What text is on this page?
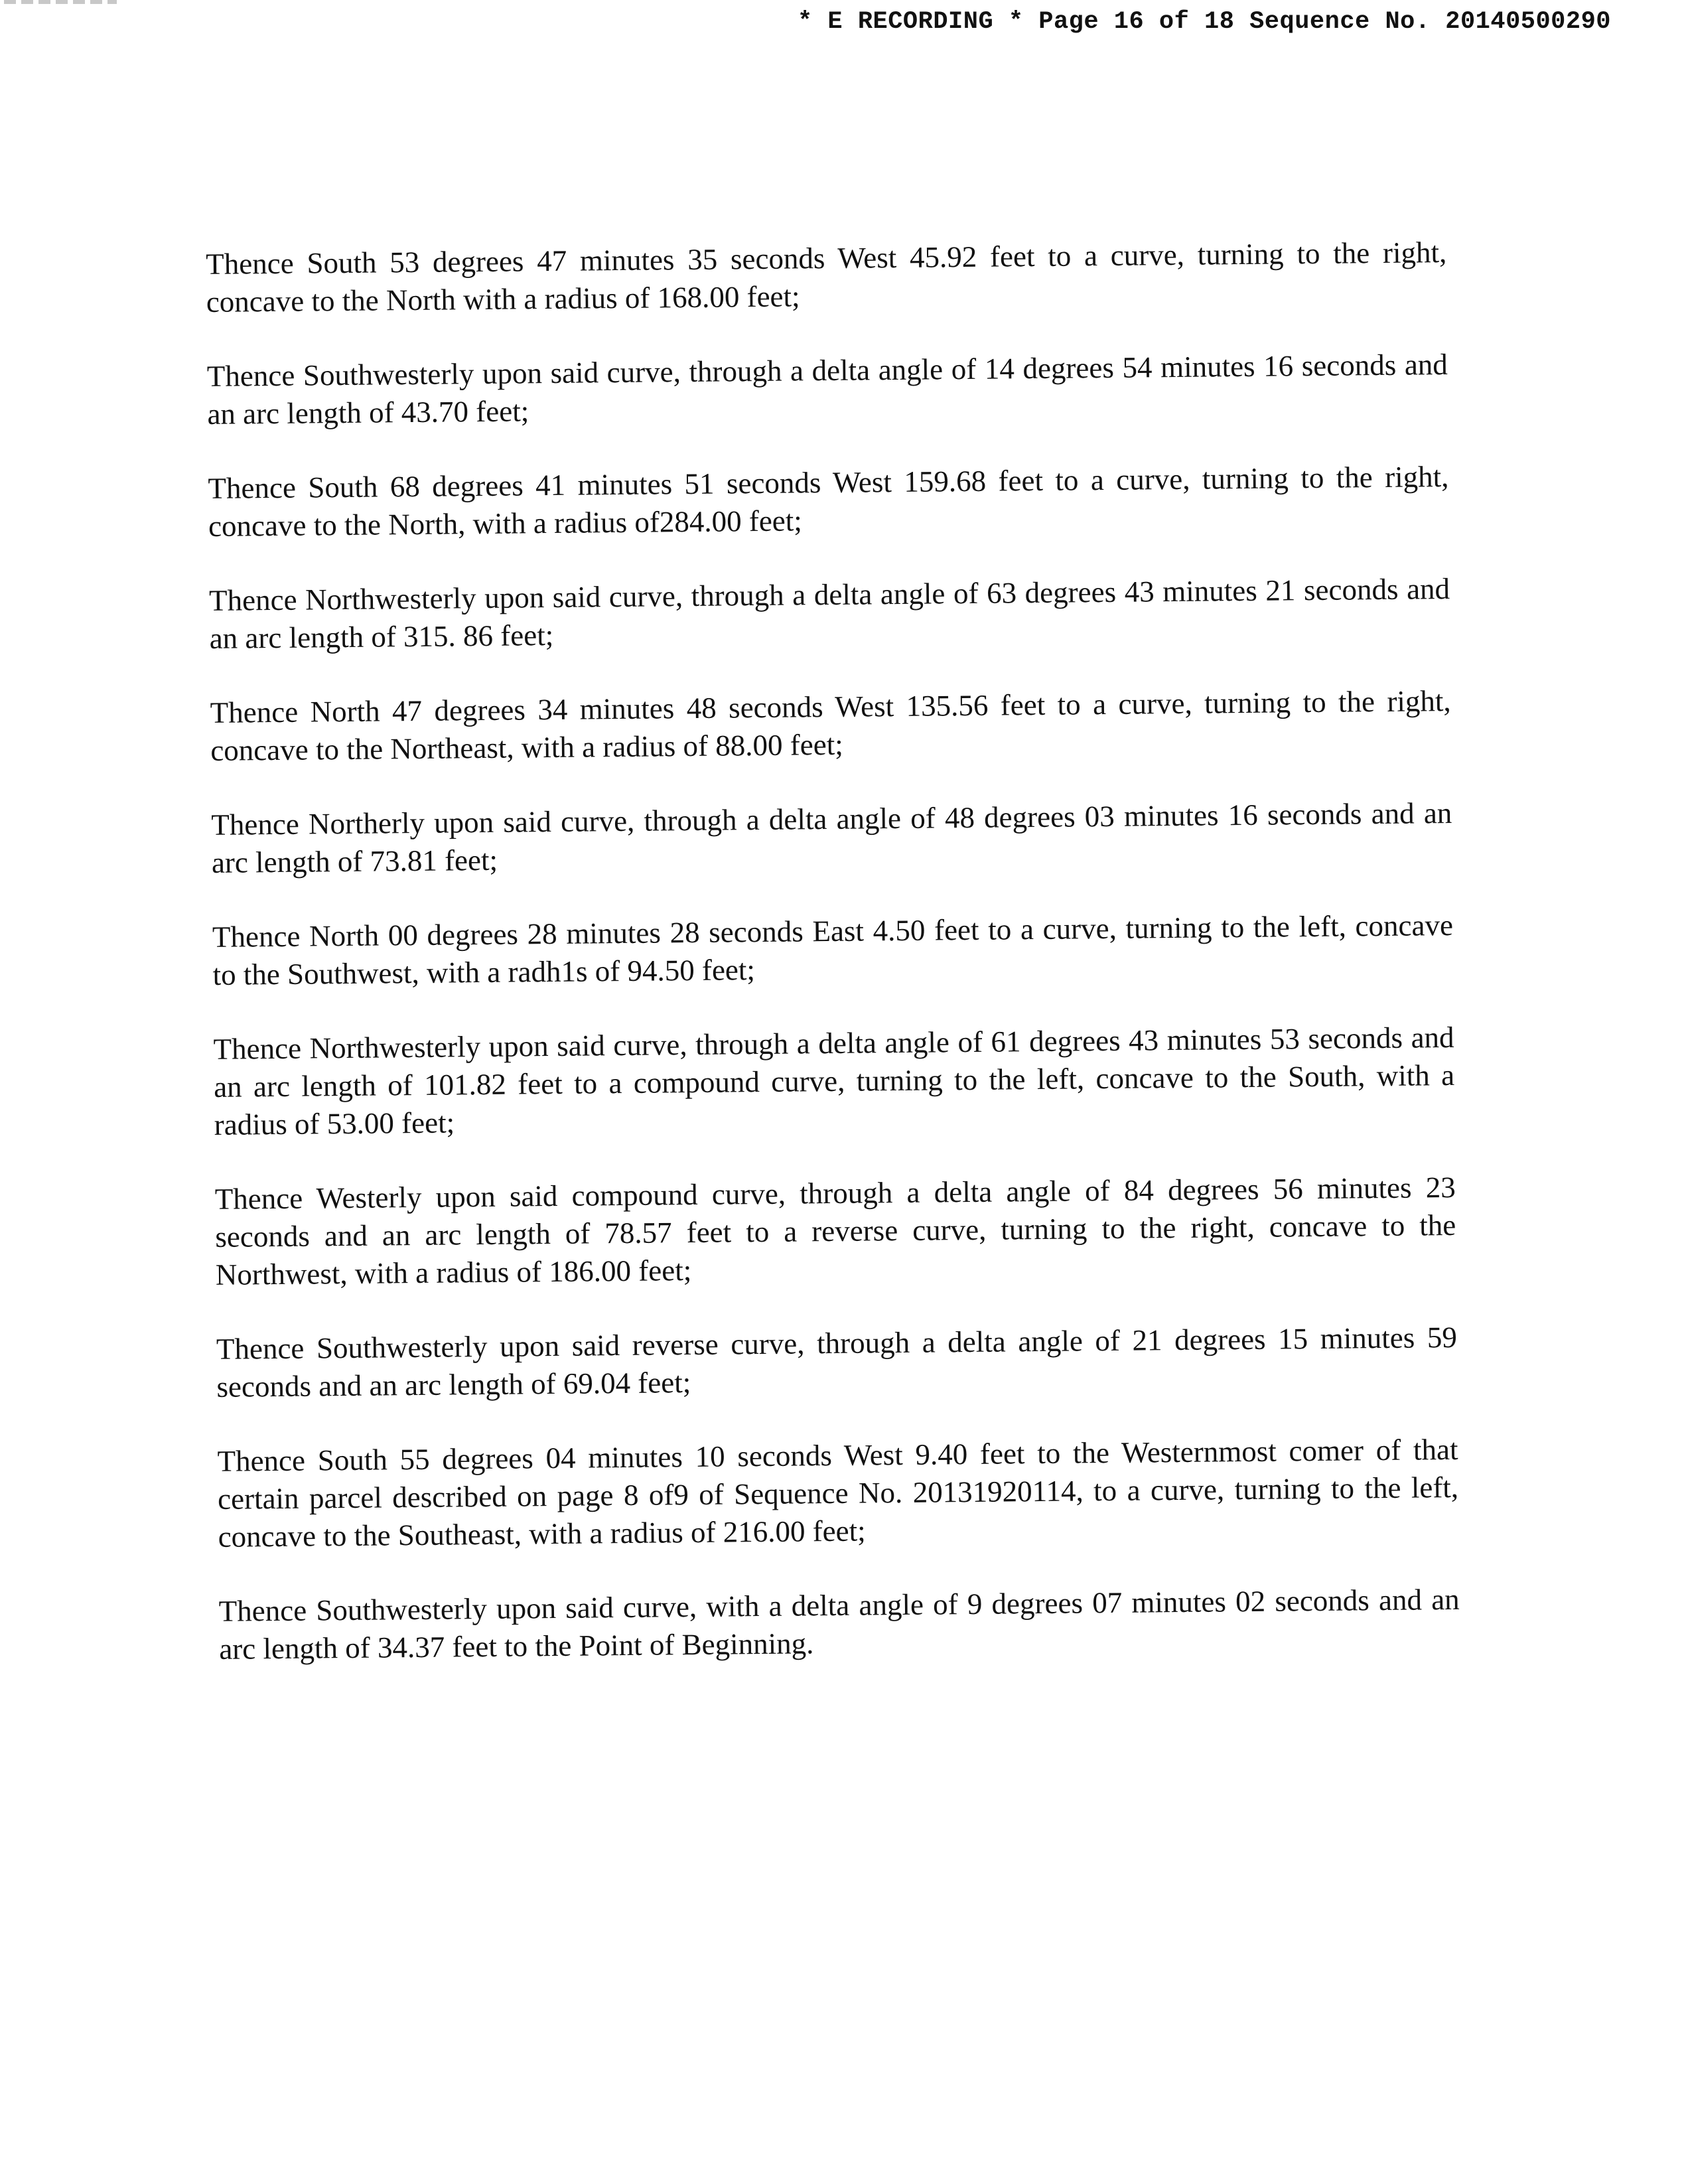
* E RECORDING * Page 16 of 18 Sequence No. 20140500290

Thence South 53 degrees 47 minutes 35 seconds West 45.92 feet to a curve, turning to the right, concave to the North with a radius of 168.00 feet;

Thence Southwesterly upon said curve, through a delta angle of 14 degrees 54 minutes 16 seconds and an arc length of 43.70 feet;

Thence South 68 degrees 41 minutes 51 seconds West 159.68 feet to a curve, turning to the right, concave to the North, with a radius of284.00 feet;

Thence Northwesterly upon said curve, through a delta angle of 63 degrees 43 minutes 21 seconds and an arc length of 315. 86 feet;

Thence North 47 degrees 34 minutes 48 seconds West 135.56 feet to a curve, turning to the right, concave to the Northeast, with a radius of 88.00 feet;

Thence Northerly upon said curve, through a delta angle of 48 degrees 03 minutes 16 seconds and an arc length of 73.81 feet;

Thence North 00 degrees 28 minutes 28 seconds East 4.50 feet to a curve, turning to the left, concave to the Southwest, with a radh1s of 94.50 feet;

Thence Northwesterly upon said curve, through a delta angle of 61 degrees 43 minutes 53 seconds and an arc length of 101.82 feet to a compound curve, turning to the left, concave to the South, with a radius of 53.00 feet;

Thence Westerly upon said compound curve, through a delta angle of 84 degrees 56 minutes 23 seconds and an arc length of 78.57 feet to a reverse curve, turning to the right, concave to the Northwest, with a radius of 186.00 feet;

Thence Southwesterly upon said reverse curve, through a delta angle of 21 degrees 15 minutes 59 seconds and an arc length of 69.04 feet;

Thence South 55 degrees 04 minutes 10 seconds West 9.40 feet to the Westernmost comer of that certain parcel described on page 8 of9 of Sequence No. 20131920114, to a curve, turning to the left, concave to the Southeast, with a radius of 216.00 feet;

Thence Southwesterly upon said curve, with a delta angle of 9 degrees 07 minutes 02 seconds and an arc length of 34.37 feet to the Point of Beginning.
